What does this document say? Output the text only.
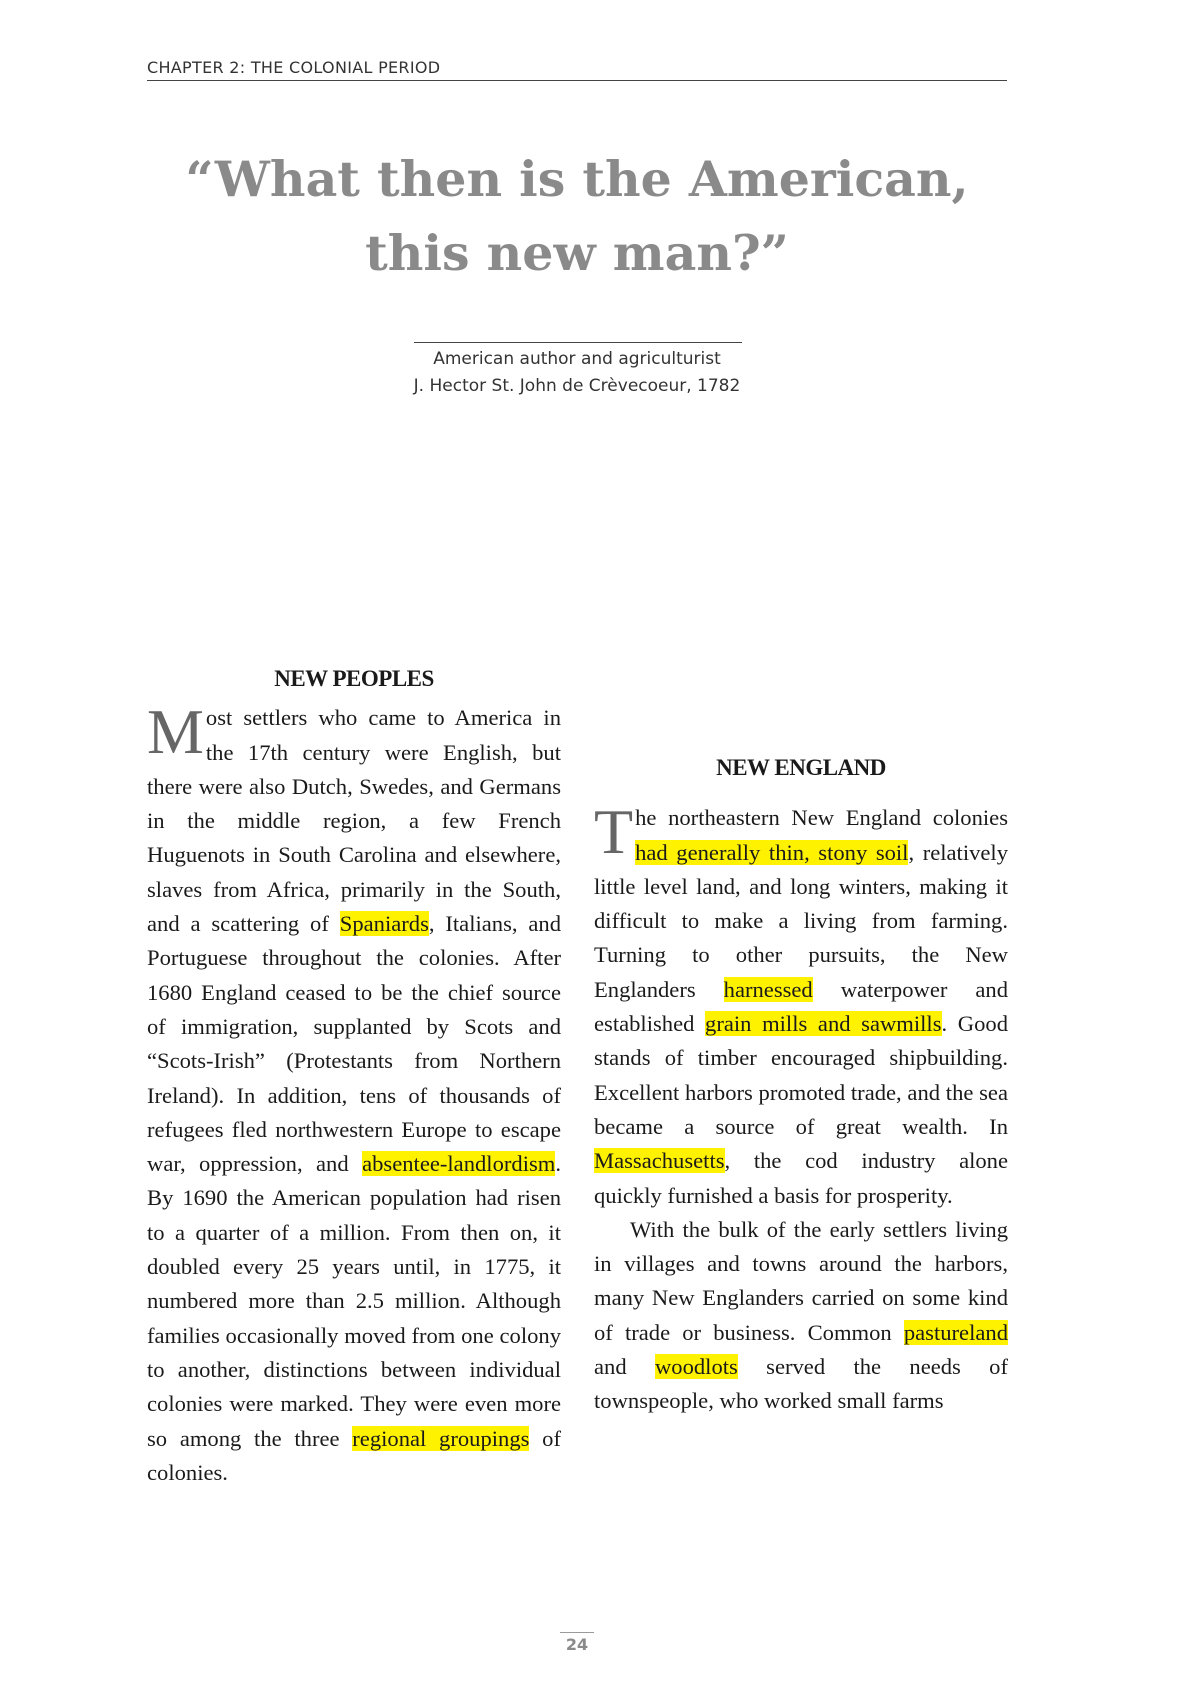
CHAPTER 2: THE COLONIAL PERIOD
“What then is the American,
this new man?”
American author and agriculturist
J. Hector St. John de Crèvecoeur, 1782
NEW PEOPLES

Most settlers who came to America in the 17th century were English, but there were also Dutch, Swedes, and Germans in the middle region, a few French Huguenots in South Carolina and elsewhere, slaves from Africa, primarily in the South, and a scattering of Spaniards, Italians, and Portuguese throughout the colonies. After 1680 England ceased to be the chief source of immigration, supplanted by Scots and “Scots-Irish” (Protestants from Northern Ireland). In addition, tens of thousands of refugees fled northwestern Europe to escape war, oppression, and absentee-landlordism. By 1690 the American population had risen to a quarter of a million. From then on, it doubled every 25 years until, in 1775, it numbered more than 2.5 million. Although families occasionally moved from one colony to another, distinctions between individual colonies were marked. They were even more so among the three regional groupings of colonies.

NEW ENGLAND

The northeastern New England colonies had generally thin, stony soil, relatively little level land, and long winters, making it difficult to make a living from farming. Turning to other pursuits, the New Englanders harnessed waterpower and established grain mills and sawmills. Good stands of timber encouraged shipbuilding. Excellent harbors promoted trade, and the sea became a source of great wealth. In Massachusetts, the cod industry alone quickly furnished a basis for prosperity.

With the bulk of the early settlers living in villages and towns around the harbors, many New Englanders carried on some kind of trade or business. Common pastureland and woodlots served the needs of townspeople, who worked small farms

24
